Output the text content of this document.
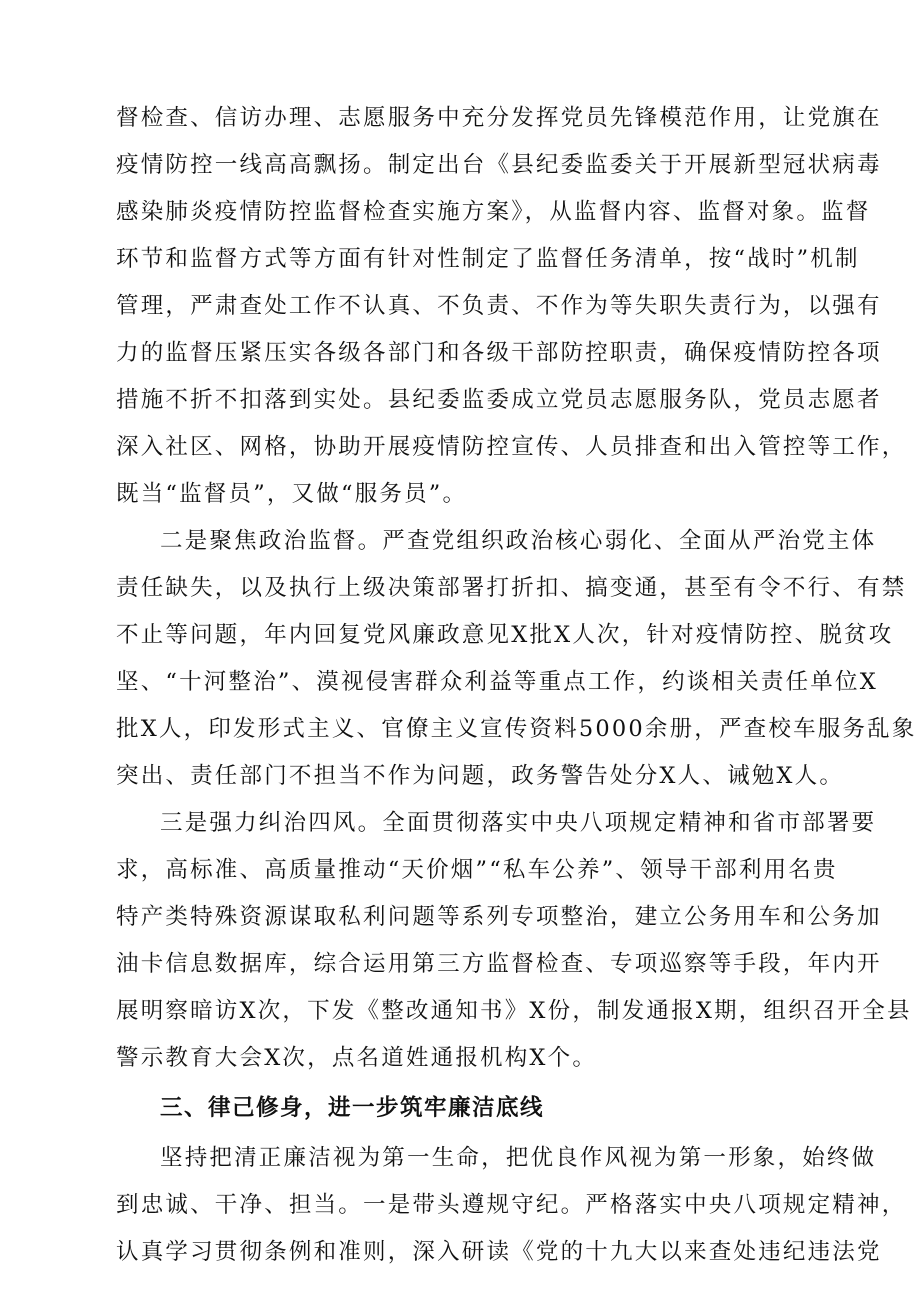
督检查、信访办理、志愿服务中充分发挥党员先锋模范作用，让党旗在
疫情防控一线高高飘扬。制定出台《县纪委监委关于开展新型冠状病毒
感染肺炎疫情防控监督检查实施方案》，从监督内容、监督对象。监督
环节和监督方式等方面有针对性制定了监督任务清单，按“战时”机制
管理，严肃查处工作不认真、不负责、不作为等失职失责行为，以强有
力的监督压紧压实各级各部门和各级干部防控职责，确保疫情防控各项
措施不折不扣落到实处。县纪委监委成立党员志愿服务队，党员志愿者
深入社区、网格，协助开展疫情防控宣传、人员排查和出入管控等工作，
既当“监督员”，又做“服务员”。
二是聚焦政治监督。严查党组织政治核心弱化、全面从严治党主体
责任缺失，以及执行上级决策部署打折扣、搞变通，甚至有令不行、有禁
不止等问题，年内回复党风廉政意见X批X人次，针对疫情防控、脱贫攻
坚、“十河整治”、漠视侵害群众利益等重点工作，约谈相关责任单位X
批X人，印发形式主义、官僚主义宣传资料5000余册，严查校车服务乱象
突出、责任部门不担当不作为问题，政务警告处分X人、诫勉X人。
三是强力纠治四风。全面贯彻落实中央八项规定精神和省市部署要
求，高标准、高质量推动“天价烟”“私车公养”、领导干部利用名贵
特产类特殊资源谋取私利问题等系列专项整治，建立公务用车和公务加
油卡信息数据库，综合运用第三方监督检查、专项巡察等手段，年内开
展明察暗访X次，下发《整改通知书》X份，制发通报X期，组织召开全县
警示教育大会X次，点名道姓通报机构X个。
三、律己修身，进一步筑牢廉洁底线
坚持把清正廉洁视为第一生命，把优良作风视为第一形象，始终做
到忠诚、干净、担当。一是带头遵规守纪。严格落实中央八项规定精神，
认真学习贯彻条例和准则，深入研读《党的十九大以来查处违纪违法党
